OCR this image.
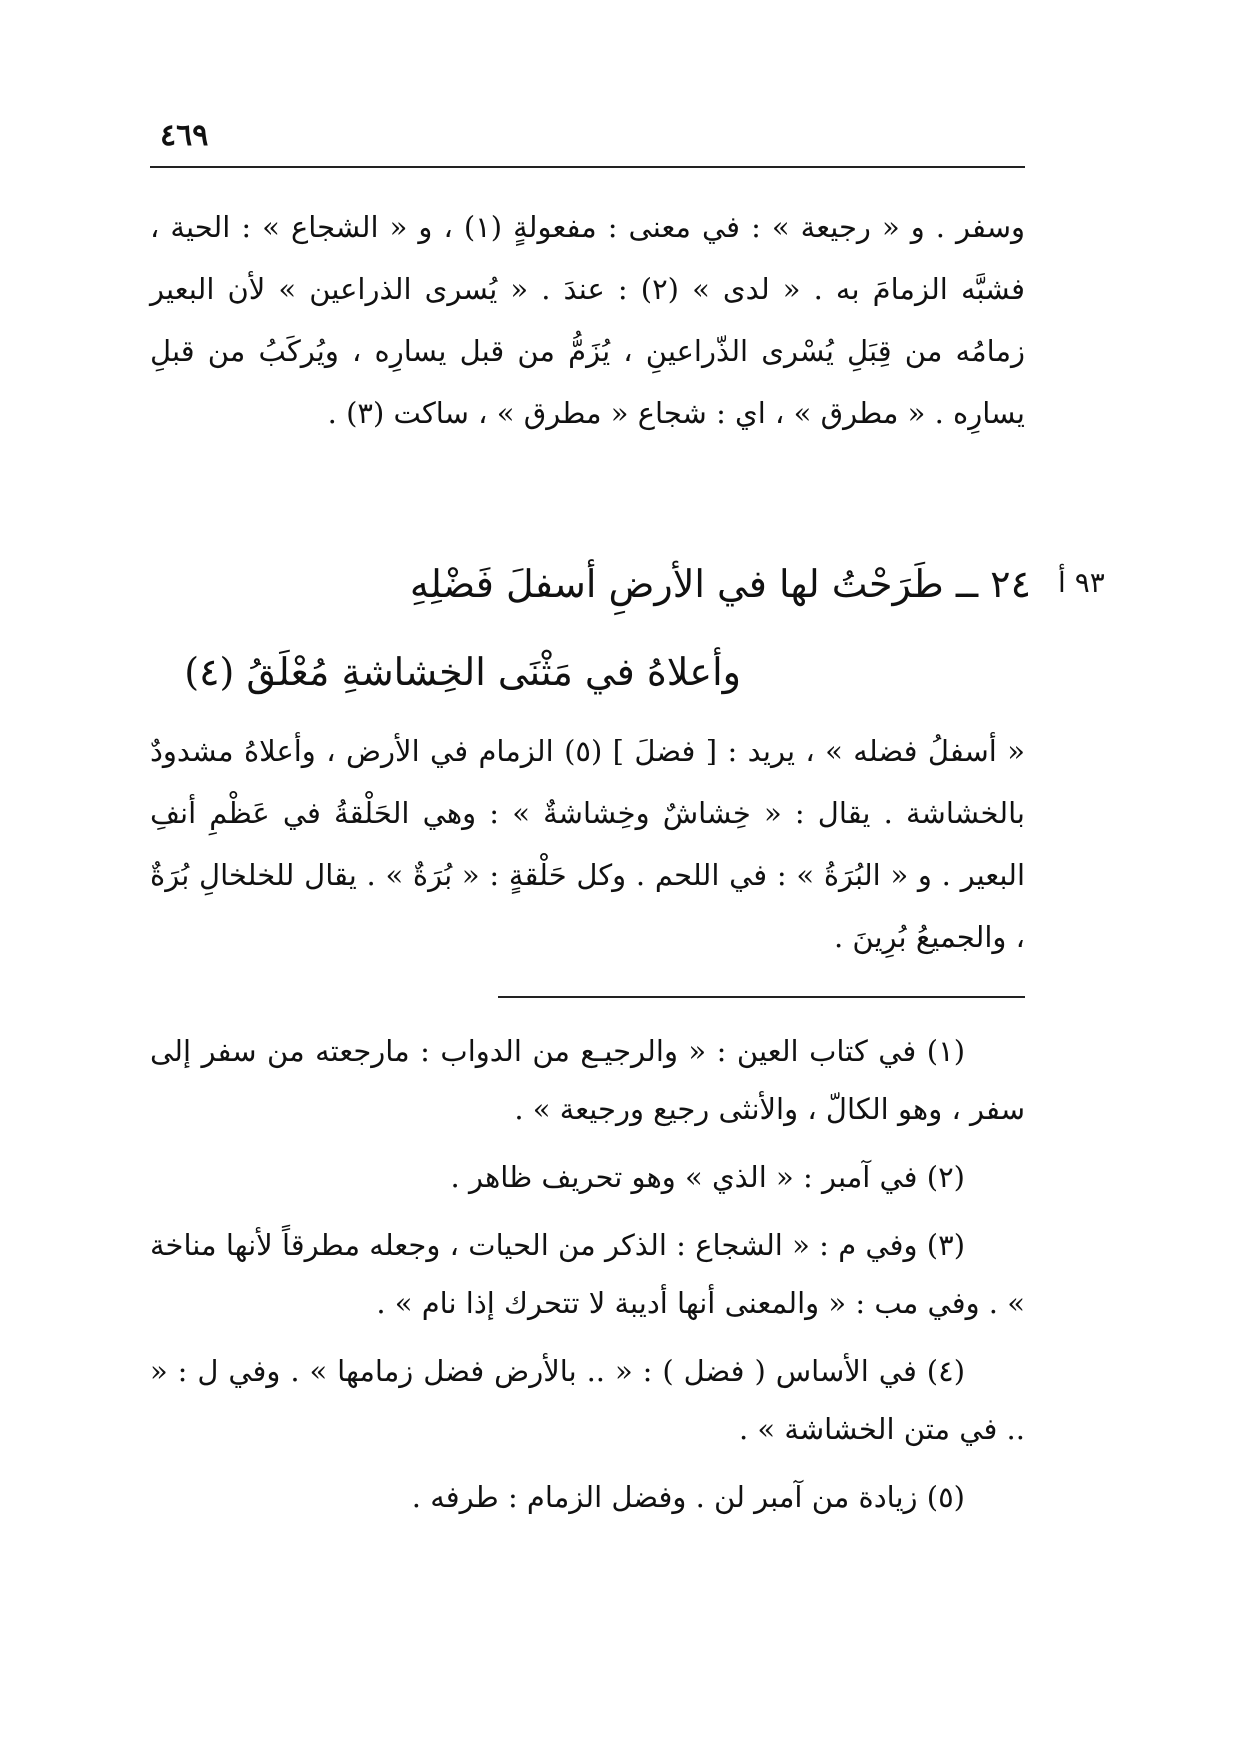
٤٦٩
وسفر . و « رجيعة » : في معنى : مفعولةٍ (١) ، و « الشجاع » : الحية ، فشبَّه الزمامَ به . « لدى » (٢) : عندَ . « يُسرى الذراعين » لأن البعير زمامُه من قِبَلِ يُسْرى الذّراعينِ ، يُزَمُّ من قبل يسارِه ، ويُركَبُ من قبلِ يسارِه . « مطرق » ، اي : شجاع « مطرق » ، ساكت (٣) .
٩٣ أ
٢٤ ــ طَرَحْتُ لها في الأرضِ أسفلَ فَضْلِهِ
وأعلاهُ في مَثْنَى الخِشاشةِ مُعْلَقُ (٤)
« أسفلُ فضله » ، يريد : [ فضلَ ] (٥) الزمام في الأرض ، وأعلاهُ مشدودٌ بالخشاشة . يقال : « خِشاشٌ وخِشاشةٌ » : وهي الحَلْقةُ في عَظْمِ أنفِ البعير . و « البُرَةُ » : في اللحم . وكل حَلْقةٍ : « بُرَةٌ » . يقال للخلخالِ بُرَةٌ ، والجميعُ بُرِينَ .
(١) في كتاب العين : « والرجيـع من الدواب : مارجعته من سفر إلى سفر ، وهو الكالّ ، والأنثى رجيع ورجيعة » .
(٢) في آمبر : « الذي » وهو تحريف ظاهر .
(٣) وفي م : « الشجاع : الذكر من الحيات ، وجعله مطرقاً لأنها مناخة » . وفي مب : « والمعنى أنها أديبة لا تتحرك إذا نام » .
(٤) في الأساس ( فضل ) : « .. بالأرض فضل زمامها » . وفي ل : « .. في متن الخشاشة » .
(٥) زيادة من آمبر لن . وفضل الزمام : طرفه .
